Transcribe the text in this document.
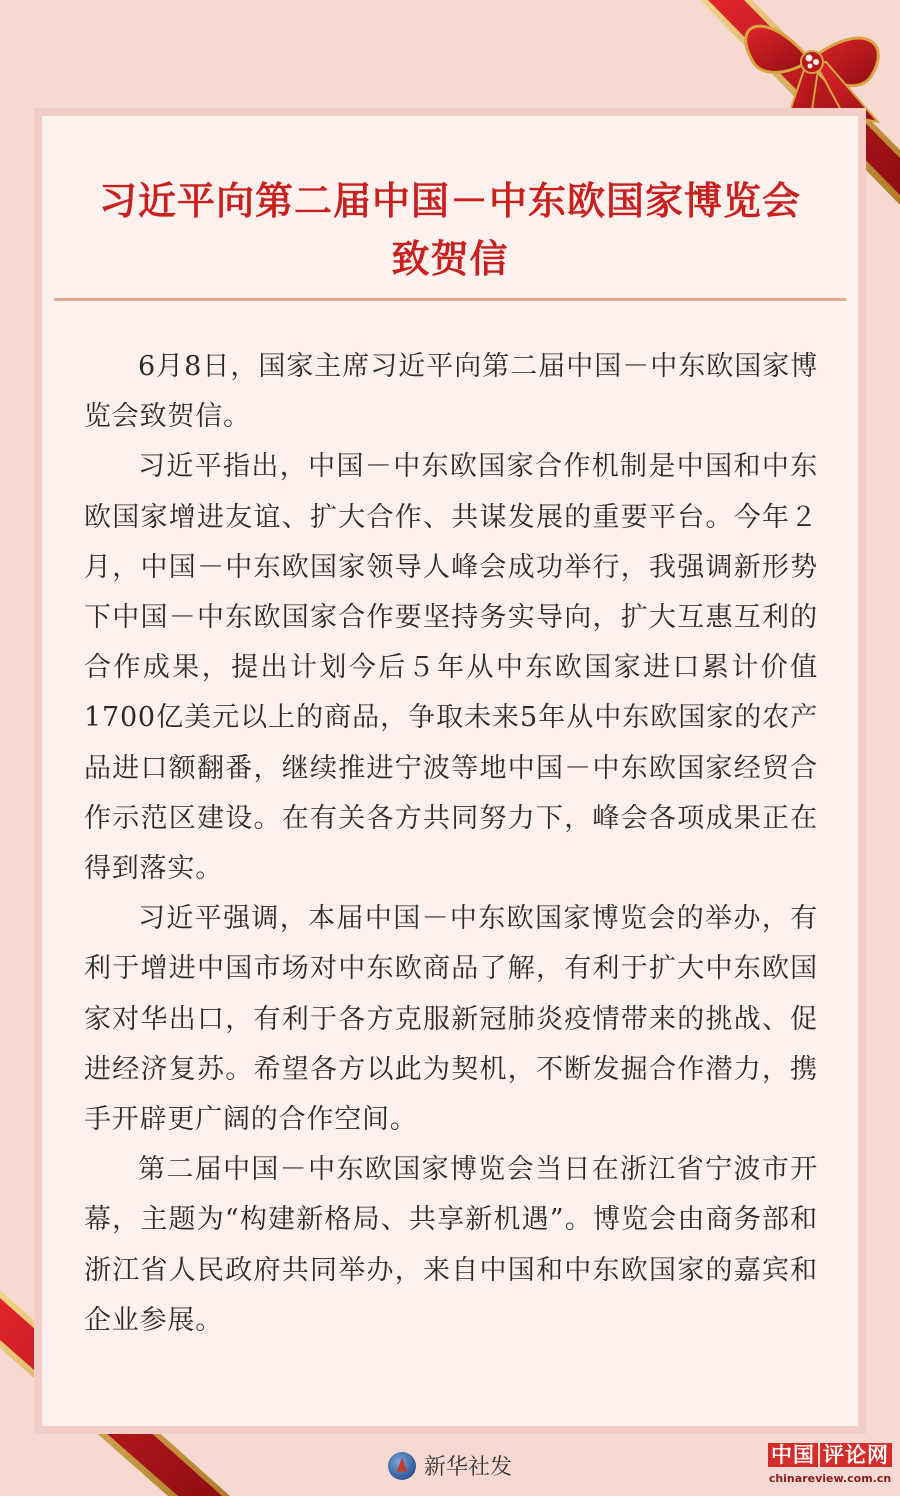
习近平向第二届中国－中东欧国家博览会
致贺信

6月8日，国家主席习近平向第二届中国－中东欧国家博览会致贺信。

习近平指出，中国－中东欧国家合作机制是中国和中东欧国家增进友谊、扩大合作、共谋发展的重要平台。今年２月，中国－中东欧国家领导人峰会成功举行，我强调新形势下中国－中东欧国家合作要坚持务实导向，扩大互惠互利的合作成果，提出计划今后５年从中东欧国家进口累计价值1700亿美元以上的商品，争取未来5年从中东欧国家的农产品进口额翻番，继续推进宁波等地中国－中东欧国家经贸合作示范区建设。在有关各方共同努力下，峰会各项成果正在得到落实。

习近平强调，本届中国－中东欧国家博览会的举办，有利于增进中国市场对中东欧商品了解，有利于扩大中东欧国家对华出口，有利于各方克服新冠肺炎疫情带来的挑战、促进经济复苏。希望各方以此为契机，不断发掘合作潜力，携手开辟更广阔的合作空间。

第二届中国－中东欧国家博览会当日在浙江省宁波市开幕，主题为“构建新格局、共享新机遇”。博览会由商务部和浙江省人民政府共同举办，来自中国和中东欧国家的嘉宾和企业参展。

新华社发	中国 评论网
chinareview.com.cn
